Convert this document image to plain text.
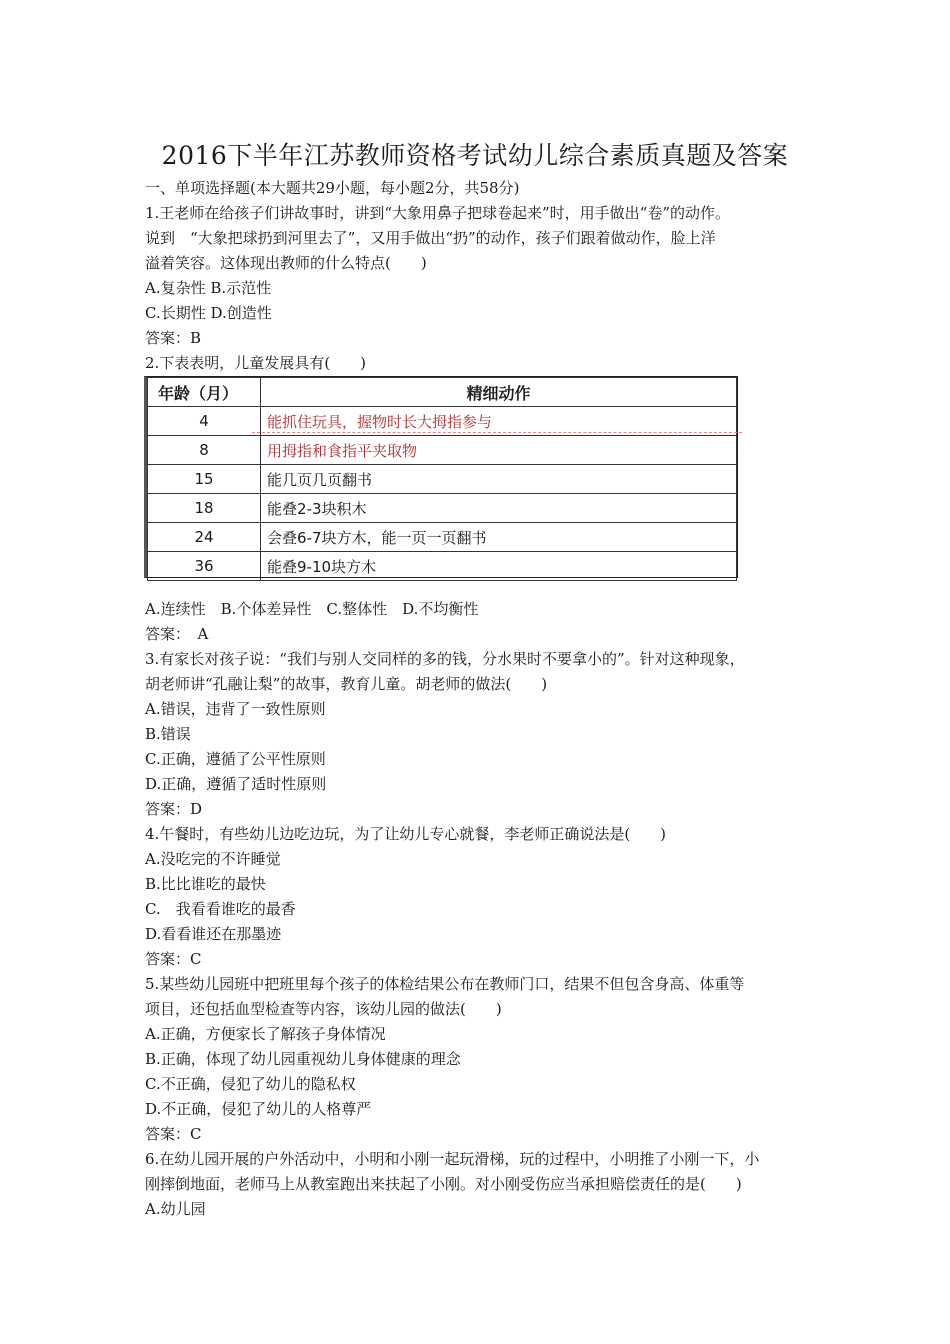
2016下半年江苏教师资格考试幼儿综合素质真题及答案
一、单项选择题(本大题共29小题，每小题2分，共58分)
1.王老师在给孩子们讲故事时，讲到“大象用鼻子把球卷起来”时，用手做出“卷”的动作。
说到　“大象把球扔到河里去了”，又用手做出“扔”的动作，孩子们跟着做动作，脸上洋
溢着笑容。这体现出教师的什么特点(　　)
A.复杂性 B.示范性
C.长期性 D.创造性
答案：B
2.下表表明，儿童发展具有(　　)
年龄（月）	精细动作
4	能抓住玩具，握物时长大拇指参与
8	用拇指和食指平夹取物
15	能几页几页翻书
18	能叠2-3块积木
24	会叠6-7块方木，能一页一页翻书
36	能叠9-10块方木
A.连续性　B.个体差异性　C.整体性　D.不均衡性
答案：　A
3.有家长对孩子说：“我们与别人交同样的多的钱，分水果时不要拿小的”。针对这种现象，
胡老师讲“孔融让梨”的故事，教育儿童。胡老师的做法(　　)
A.错误，违背了一致性原则
B.错误
C.正确，遵循了公平性原则
D.正确，遵循了适时性原则
答案：D
4.午餐时，有些幼儿边吃边玩，为了让幼儿专心就餐，李老师正确说法是(　　)
A.没吃完的不许睡觉
B.比比谁吃的最快
C.　我看看谁吃的最香
D.看看谁还在那墨迹
答案：C
5.某些幼儿园班中把班里每个孩子的体检结果公布在教师门口，结果不但包含身高、体重等
项目，还包括血型检查等内容，该幼儿园的做法(　　)
A.正确，方便家长了解孩子身体情况
B.正确，体现了幼儿园重视幼儿身体健康的理念
C.不正确，侵犯了幼儿的隐私权
D.不正确，侵犯了幼儿的人格尊严
答案：C
6.在幼儿园开展的户外活动中，小明和小刚一起玩滑梯，玩的过程中，小明推了小刚一下，小
刚摔倒地面，老师马上从教室跑出来扶起了小刚。对小刚受伤应当承担赔偿责任的是(　　)
A.幼儿园
